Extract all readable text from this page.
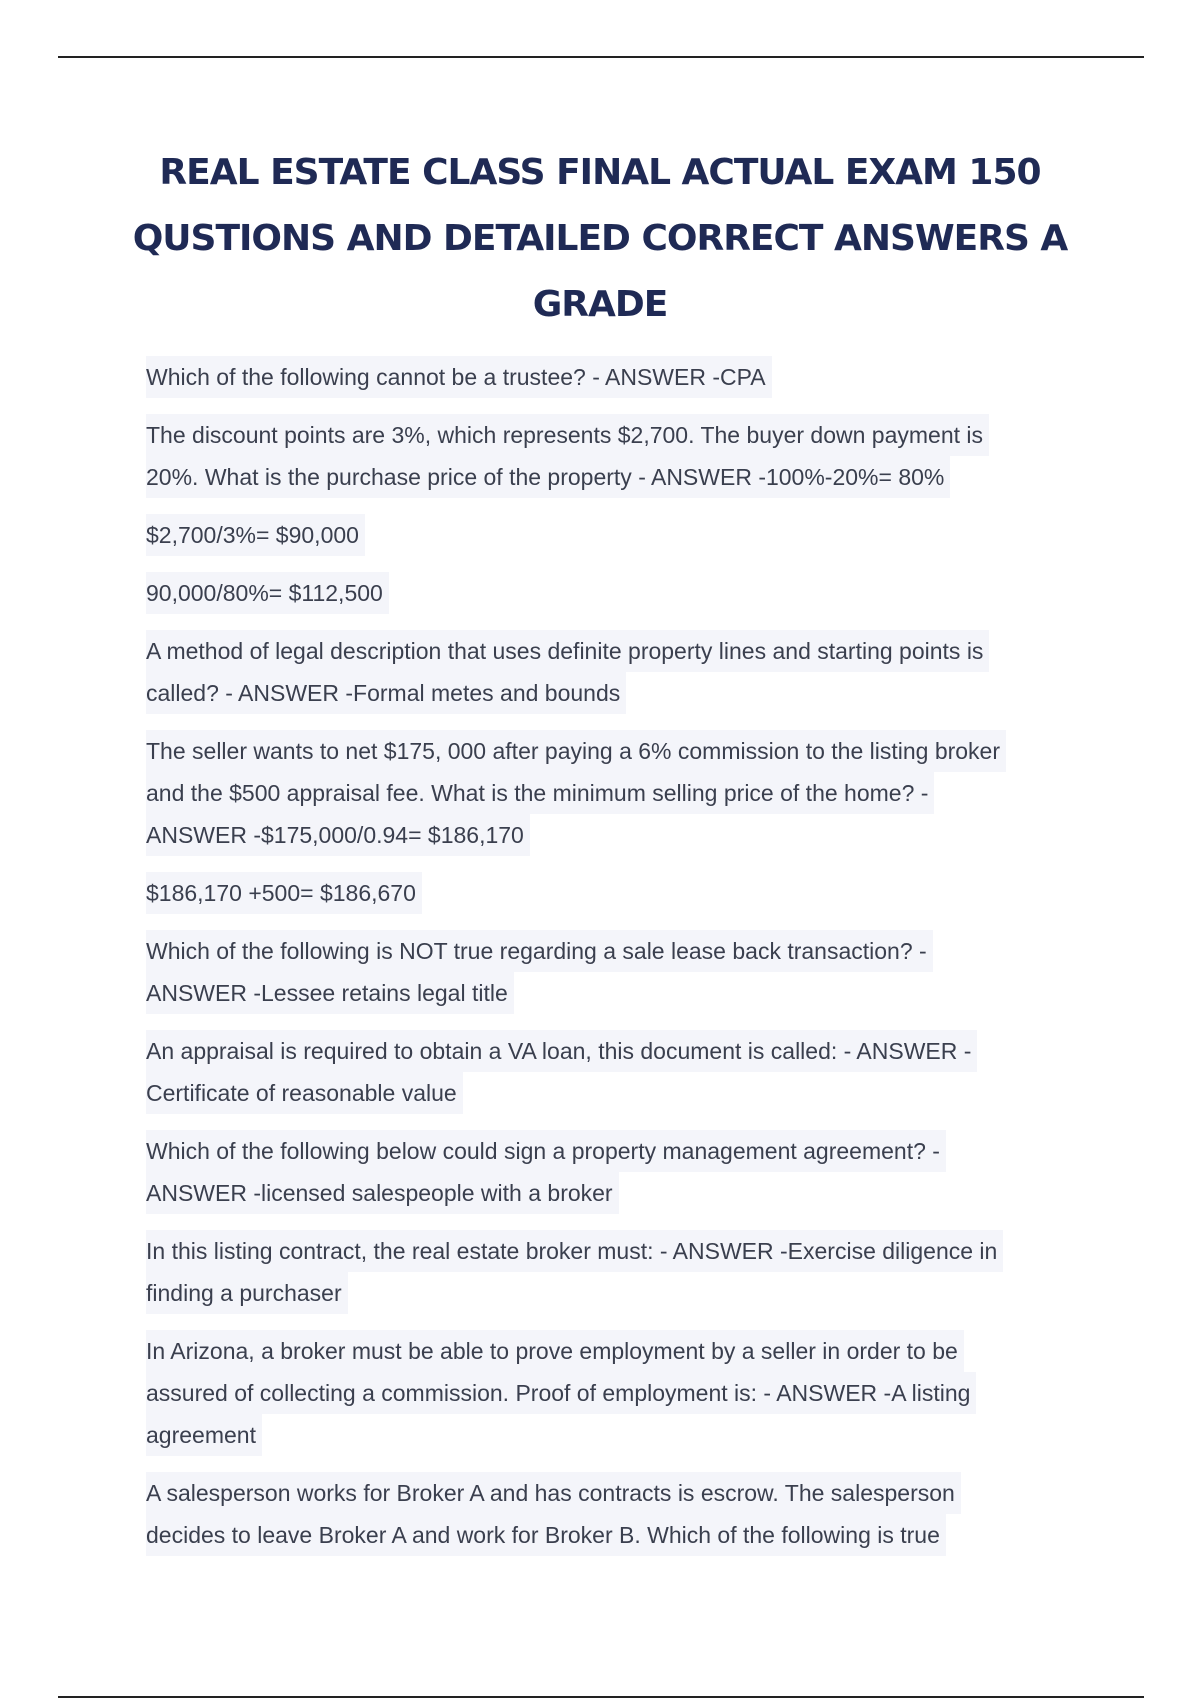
REAL ESTATE CLASS FINAL ACTUAL EXAM 150
QUSTIONS AND DETAILED CORRECT ANSWERS A
GRADE
Which of the following cannot be a trustee? - ANSWER -CPA
The discount points are 3%, which represents $2,700. The buyer down payment is
20%. What is the purchase price of the property - ANSWER -100%-20%= 80%
$2,700/3%= $90,000
90,000/80%= $112,500
A method of legal description that uses definite property lines and starting points is
called? - ANSWER -Formal metes and bounds
The seller wants to net $175, 000 after paying a 6% commission to the listing broker
and the $500 appraisal fee. What is the minimum selling price of the home? -
ANSWER -$175,000/0.94= $186,170
$186,170 +500= $186,670
Which of the following is NOT true regarding a sale lease back transaction? -
ANSWER -Lessee retains legal title
An appraisal is required to obtain a VA loan, this document is called: - ANSWER -
Certificate of reasonable value
Which of the following below could sign a property management agreement? -
ANSWER -licensed salespeople with a broker
In this listing contract, the real estate broker must: - ANSWER -Exercise diligence in
finding a purchaser
In Arizona, a broker must be able to prove employment by a seller in order to be
assured of collecting a commission. Proof of employment is: - ANSWER -A listing
agreement
A salesperson works for Broker A and has contracts is escrow. The salesperson
decides to leave Broker A and work for Broker B. Which of the following is true
